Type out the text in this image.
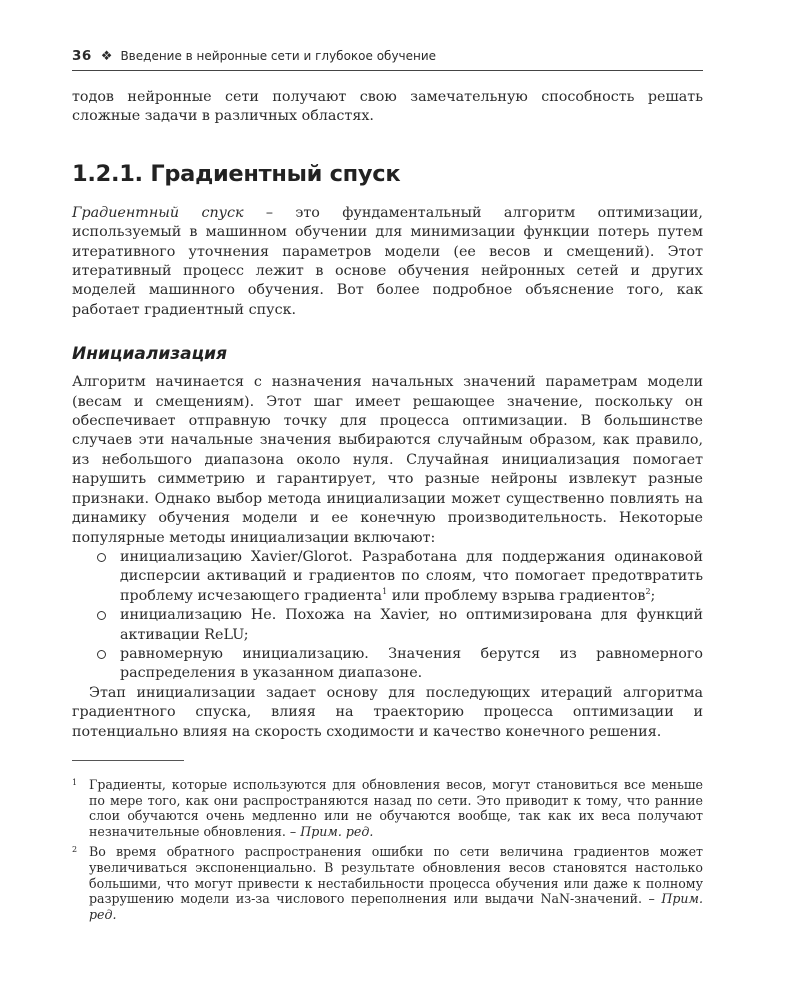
36 ❖ Введение в нейронные сети и глубокое обучение

тодов нейронные сети получают свою замечательную способность решать сложные задачи в различных областях.

1.2.1. Градиентный спуск

Градиентный спуск – это фундаментальный алгоритм оптимизации, используемый в машинном обучении для минимизации функции потерь путем итеративного уточнения параметров модели (ее весов и смещений). Этот итеративный процесс лежит в основе обучения нейронных сетей и других моделей машинного обучения. Вот более подробное объяснение того, как работает градиентный спуск.

Инициализация

Алгоритм начинается с назначения начальных значений параметрам модели (весам и смещениям). Этот шаг имеет решающее значение, поскольку он обеспечивает отправную точку для процесса оптимизации. В большинстве случаев эти начальные значения выбираются случайным образом, как правило, из небольшого диапазона около нуля. Случайная инициализация помогает нарушить симметрию и гарантирует, что разные нейроны извлекут разные признаки. Однако выбор метода инициализации может существенно повлиять на динамику обучения модели и ее конечную производительность. Некоторые популярные методы инициализации включают:

инициализацию Xavier/Glorot. Разработана для поддержания одинаковой дисперсии активаций и градиентов по слоям, что помогает предотвратить проблему исчезающего градиента$^1$ или проблему взрыва градиентов$^2$;
инициализацию He. Похожа на Xavier, но оптимизирована для функций активации ReLU;
равномерную инициализацию. Значения берутся из равномерного распределения в указанном диапазоне.

Этап инициализации задает основу для последующих итераций алгоритма градиентного спуска, влияя на траекторию процесса оптимизации и потенциально влияя на скорость сходимости и качество конечного решения.

1 Градиенты, которые используются для обновления весов, могут становиться все меньше по мере того, как они распространяются назад по сети. Это приводит к тому, что ранние слои обучаются очень медленно или не обучаются вообще, так как их веса получают незначительные обновления. – Прим. ред.
2 Во время обратного распространения ошибки по сети величина градиентов может увеличиваться экспоненциально. В результате обновления весов становятся настолько большими, что могут привести к нестабильности процесса обучения или даже к полному разрушению модели из-за числового переполнения или выдачи NaN-значений. – Прим. ред.
